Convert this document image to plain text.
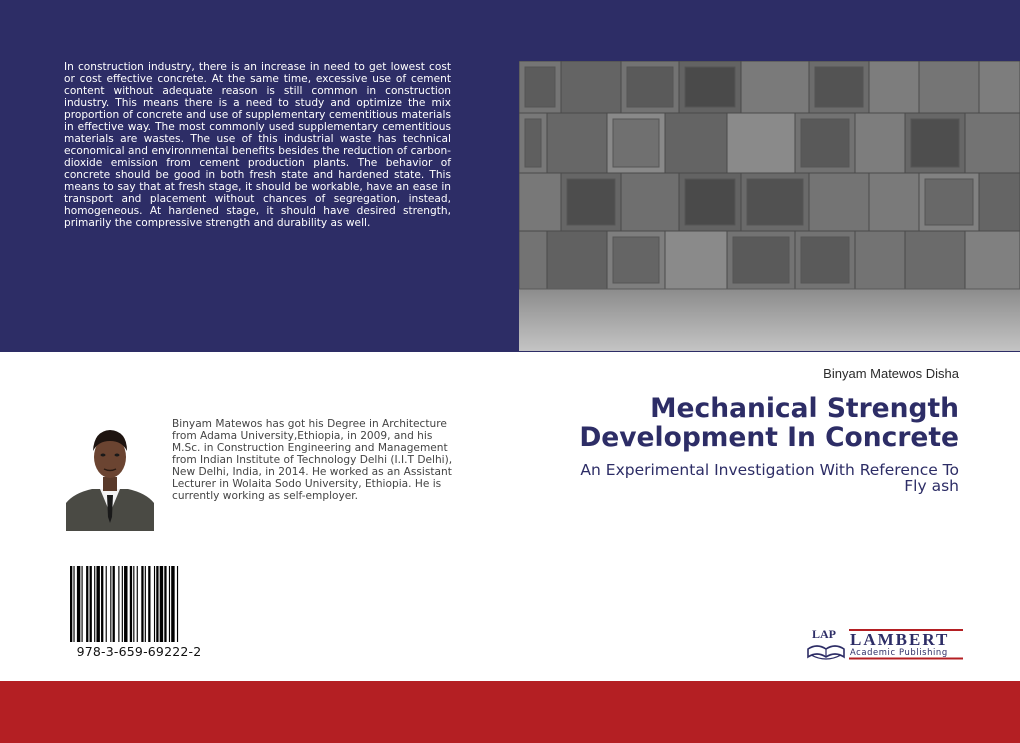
In construction industry, there is an increase in need to get lowest cost or cost effective concrete. At the same time, excessive use of cement content without adequate reason is still common in construction industry. This means there is a need to study and optimize the mix proportion of concrete and use of supplementary cementitious materials in effective way. The most commonly used supplementary cementitious materials are wastes. The use of this industrial waste has technical economical and environmental benefits besides the reduction of carbon-dioxide emission from cement production plants. The behavior of concrete should be good in both fresh state and hardened state. This means to say that at fresh stage, it should be workable, have an ease in transport and placement without chances of segregation, instead, homogeneous. At hardened stage, it should have desired strength, primarily the compressive strength and durability as well.

Binyam Matewos Disha

Mechanical Strength Development In Concrete

An Experimental Investigation With Reference To Fly ash

Binyam Matewos has got his Degree in Architecture from Adama University,Ethiopia, in 2009, and his M.Sc. in Construction Engineering and Management from Indian Institute of Technology Delhi (I.I.T Delhi), New Delhi, India, in 2014. He worked as an Assistant Lecturer in Wolaita Sodo University, Ethiopia. He is currently working as self-employer.

978-3-659-69222-2
LAP LAMBERT
Academic Publishing
